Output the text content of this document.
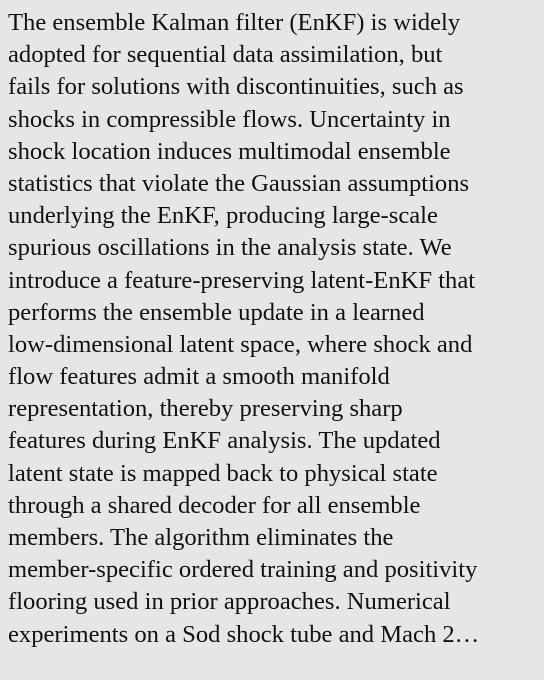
The ensemble Kalman filter (EnKF) is widely
adopted for sequential data assimilation, but
fails for solutions with discontinuities, such as
shocks in compressible flows. Uncertainty in
shock location induces multimodal ensemble
statistics that violate the Gaussian assumptions
underlying the EnKF, producing large-scale
spurious oscillations in the analysis state. We
introduce a feature-preserving latent-EnKF that
performs the ensemble update in a learned
low-dimensional latent space, where shock and
flow features admit a smooth manifold
representation, thereby preserving sharp
features during EnKF analysis. The updated
latent state is mapped back to physical state
through a shared decoder for all ensemble
members. The algorithm eliminates the
member-specific ordered training and positivity
flooring used in prior approaches. Numerical
experiments on a Sod shock tube and Mach 2…
